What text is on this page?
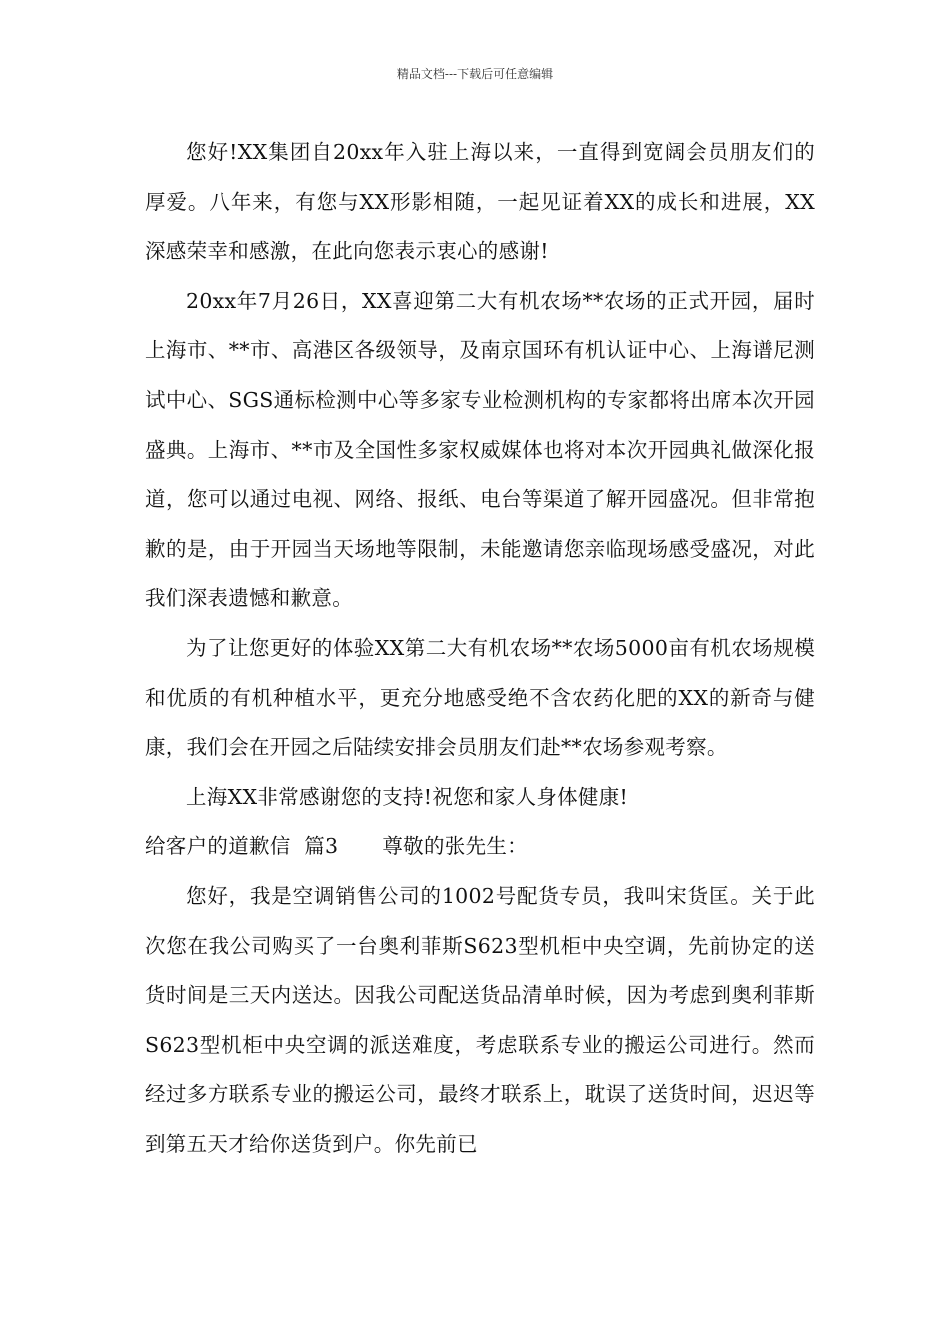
精品文档---下载后可任意编辑

您好!XX集团自20xx年入驻上海以来，一直得到宽阔会员朋友们的厚爱。八年来，有您与XX形影相随，一起见证着XX的成长和进展，XX深感荣幸和感激，在此向您表示衷心的感谢!

20xx年7月26日，XX喜迎第二大有机农场**农场的正式开园，届时上海市、**市、高港区各级领导，及南京国环有机认证中心、上海谱尼测试中心、SGS通标检测中心等多家专业检测机构的专家都将出席本次开园盛典。上海市、**市及全国性多家权威媒体也将对本次开园典礼做深化报道，您可以通过电视、网络、报纸、电台等渠道了解开园盛况。但非常抱歉的是，由于开园当天场地等限制，未能邀请您亲临现场感受盛况，对此我们深表遗憾和歉意。

为了让您更好的体验XX第二大有机农场**农场5000亩有机农场规模和优质的有机种植水平，更充分地感受绝不含农药化肥的XX的新奇与健康，我们会在开园之后陆续安排会员朋友们赴**农场参观考察。

上海XX非常感谢您的支持!祝您和家人身体健康!

给客户的道歉信  篇3 尊敬的张先生：

您好，我是空调销售公司的1002号配货专员，我叫宋货匡。关于此次您在我公司购买了一台奥利菲斯S623型机柜中央空调，先前协定的送货时间是三天内送达。因我公司配送货品清单时候，因为考虑到奥利菲斯S623型机柜中央空调的派送难度，考虑联系专业的搬运公司进行。然而经过多方联系专业的搬运公司，最终才联系上，耽误了送货时间，迟迟等到第五天才给你送货到户。你先前已
